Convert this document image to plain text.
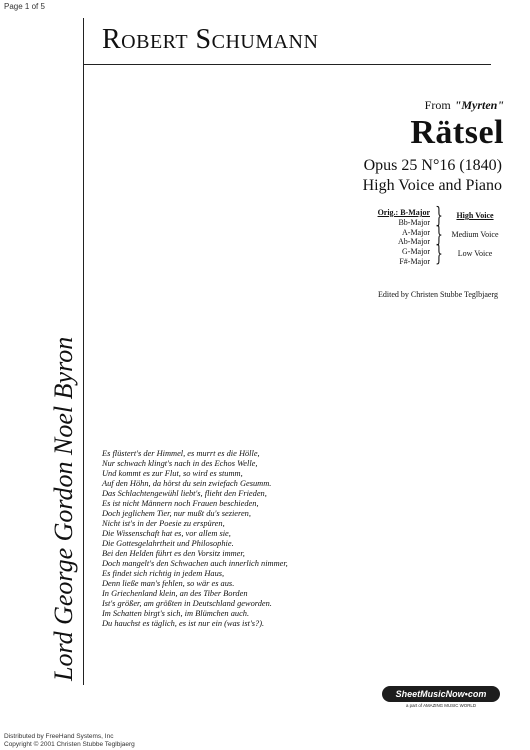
Page 1 of 5
Robert Schumann
From "Myrten"
Rätsel
Opus 25 N°16 (1840)
High Voice and Piano
Orig.: B-Major
Bb-Major
A-Major
Ab-Major
G-Major
F#-Major
}
}
}
High Voice
Medium Voice
Low Voice
Edited by Christen Stubbe Teglbjaerg
Lord George Gordon Noel Byron	Es flüstert's der Himmel, es murrt es die Hölle,
Nur schwach klingt's nach in des Echos Welle,
Und kommt es zur Flut, so wird es stumm,
Auf den Höhn, da hörst du sein zwiefach Gesumm.
Das Schlachtengewühl liebt's, flieht den Frieden,
Es ist nicht Männern noch Frauen beschieden,
Doch jeglichem Tier, nur mußt du's sezieren,
Nicht ist's in der Poesie zu erspüren,
Die Wissenschaft hat es, vor allem sie,
Die Gottesgelahrtheit und Philosophie.
Bei den Helden führt es den Vorsitz immer,
Doch mangelt's den Schwachen auch innerlich nimmer,
Es findet sich richtig in jedem Haus,
Denn ließe man's fehlen, so wär es aus.
In Griechenland klein, an des Tiber Borden
Ist's größer, am größten in Deutschland geworden.
Im Schatten birgt's sich, im Blümchen auch.
Du hauchst es täglich, es ist nur ein (was ist's?).
SheetMusicNow•com
a part of AMAZING MUSIC WORLD
Distributed by FreeHand Systems, Inc
Copyright © 2001 Christen Stubbe Teglbjaerg
